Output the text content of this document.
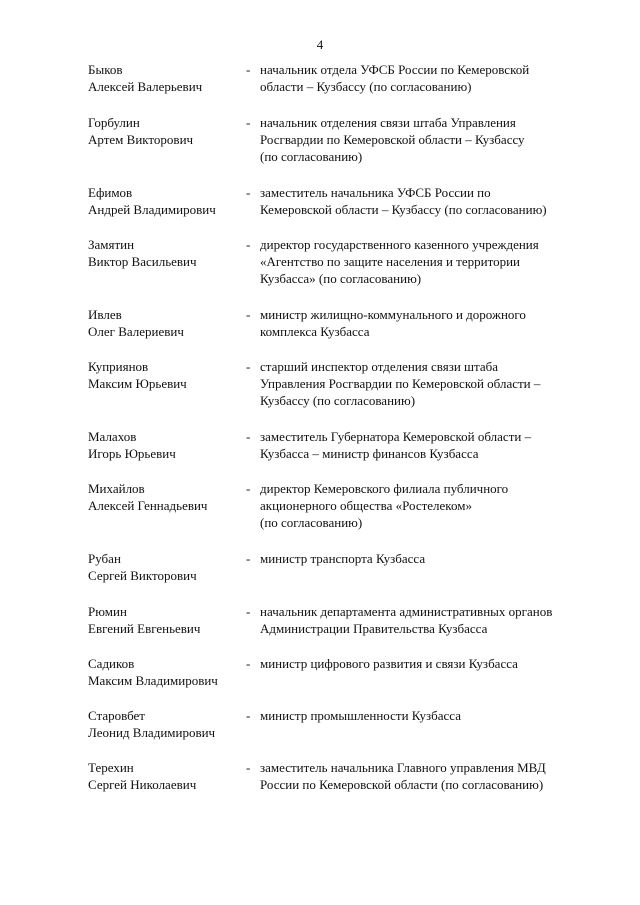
4
Быков
Алексей Валерьевич
- начальник отдела УФСБ России по Кемеровской
области – Кузбассу (по согласованию)
Горбулин
Артем Викторович
- начальник отделения связи штаба Управления
Росгвардии по Кемеровской области – Кузбассу
(по согласованию)
Ефимов
Андрей Владимирович
- заместитель начальника УФСБ России по
Кемеровской области – Кузбассу (по согласованию)
Замятин
Виктор Васильевич
- директор государственного казенного учреждения
«Агентство по защите населения и территории
Кузбасса» (по согласованию)
Ивлев
Олег Валериевич
- министр жилищно-коммунального и дорожного
комплекса Кузбасса
Куприянов
Максим Юрьевич
- старший инспектор отделения связи штаба
Управления Росгвардии по Кемеровской области –
Кузбассу (по согласованию)
Малахов
Игорь Юрьевич
- заместитель Губернатора Кемеровской области –
Кузбасса – министр финансов Кузбасса
Михайлов
Алексей Геннадьевич
- директор Кемеровского филиала публичного
акционерного общества «Ростелеком»
(по согласованию)
Рубан
Сергей Викторович
- министр транспорта Кузбасса
Рюмин
Евгений Евгеньевич
- начальник департамента административных органов
Администрации Правительства Кузбасса
Садиков
Максим Владимирович
- министр цифрового развития и связи Кузбасса
Старовбет
Леонид Владимирович
- министр промышленности Кузбасса
Терехин
Сергей Николаевич
- заместитель начальника Главного управления МВД
России по Кемеровской области (по согласованию)
